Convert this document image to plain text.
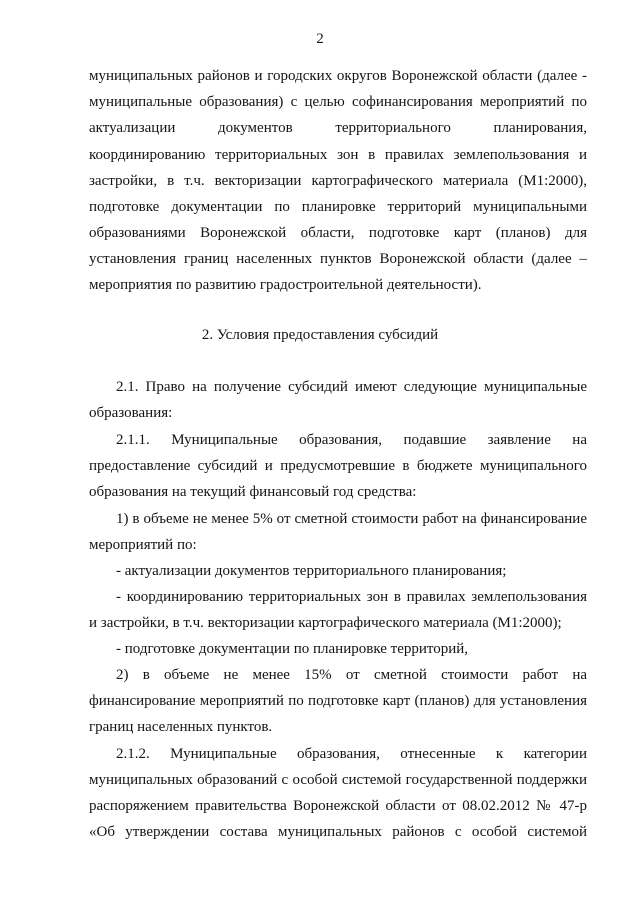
2
муниципальных районов и городских округов Воронежской области (далее -
муниципальные образования) с целью софинансирования мероприятий по
актуализации документов территориального планирования,
координированию территориальных зон в правилах землепользования и
застройки, в т.ч. векторизации картографического материала (М1:2000),
подготовке документации по планировке территорий муниципальными
образованиями Воронежской области, подготовке карт (планов) для
установления границ населенных пунктов Воронежской области (далее –
мероприятия по развитию градостроительной деятельности).
2. Условия предоставления субсидий
2.1. Право на получение субсидий имеют следующие муниципальные
образования:
2.1.1. Муниципальные образования, подавшие заявление на
предоставление субсидий и предусмотревшие в бюджете муниципального
образования на текущий финансовый год средства:
1) в объеме не менее 5% от сметной стоимости работ на финансирование
мероприятий по:
- актуализации документов территориального планирования;
- координированию территориальных зон в правилах землепользования
и застройки, в т.ч. векторизации картографического материала (М1:2000);
- подготовке документации по планировке территорий,
2) в объеме не менее 15% от сметной стоимости работ на
финансирование мероприятий по подготовке карт (планов) для установления
границ населенных пунктов.
2.1.2. Муниципальные образования, отнесенные к категории
муниципальных образований с особой системой государственной поддержки
распоряжением правительства Воронежской области от 08.02.2012 № 47-р
«Об утверждении состава муниципальных районов с особой системой
